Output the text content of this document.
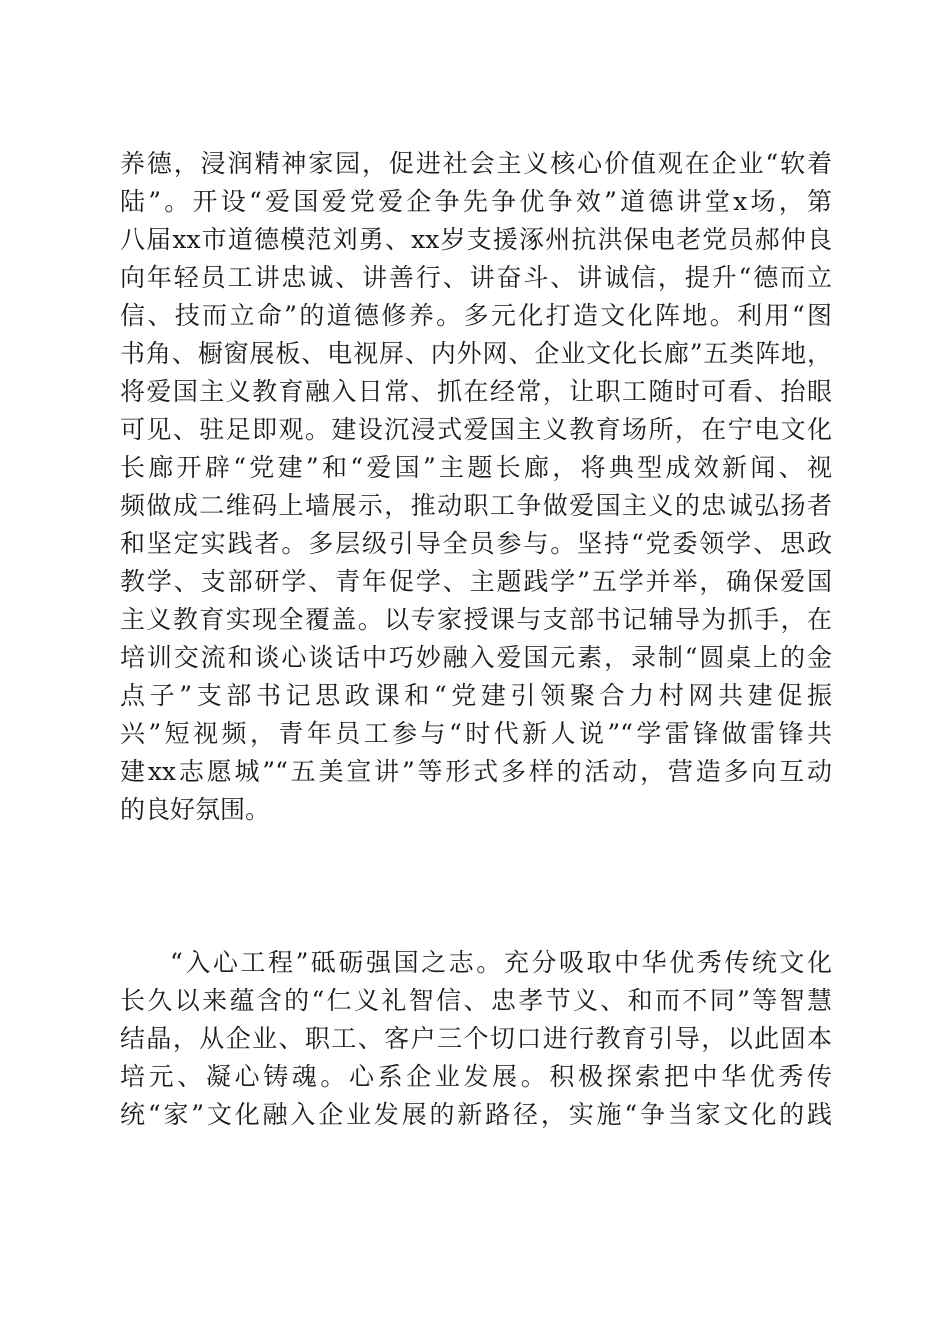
养德，浸润精神家园，促进社会主义核心价值观在企业“软着
陆”。开设“爱国爱党爱企争先争优争效”道德讲堂x场，第
八届xx市道德模范刘勇、xx岁支援涿州抗洪保电老党员郝仲良
向年轻员工讲忠诚、讲善行、讲奋斗、讲诚信，提升“德而立
信、技而立命”的道德修养。多元化打造文化阵地。利用“图
书角、橱窗展板、电视屏、内外网、企业文化长廊”五类阵地，
将爱国主义教育融入日常、抓在经常，让职工随时可看、抬眼
可见、驻足即观。建设沉浸式爱国主义教育场所，在宁电文化
长廊开辟“党建”和“爱国”主题长廊，将典型成效新闻、视
频做成二维码上墙展示，推动职工争做爱国主义的忠诚弘扬者
和坚定实践者。多层级引导全员参与。坚持“党委领学、思政
教学、支部研学、青年促学、主题践学”五学并举，确保爱国
主义教育实现全覆盖。以专家授课与支部书记辅导为抓手，在
培训交流和谈心谈话中巧妙融入爱国元素，录制“圆桌上的金
点子”支部书记思政课和“党建引领聚合力村网共建促振
兴”短视频，青年员工参与“时代新人说”“学雷锋做雷锋共
建xx志愿城”“五美宣讲”等形式多样的活动，营造多向互动
的良好氛围。
“入心工程”砥砺强国之志。充分吸取中华优秀传统文化
长久以来蕴含的“仁义礼智信、忠孝节义、和而不同”等智慧
结晶，从企业、职工、客户三个切口进行教育引导，以此固本
培元、凝心铸魂。心系企业发展。积极探索把中华优秀传
统“家”文化融入企业发展的新路径，实施“争当家文化的践
